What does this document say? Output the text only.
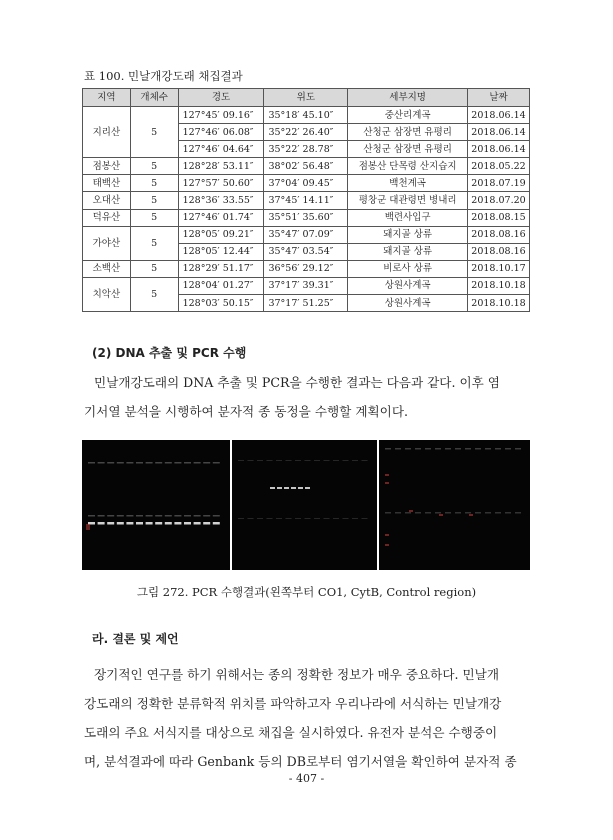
표 100. 민날개강도래 채집결과
지역	개체수	경도	위도	세부지명	날짜
지리산	5	127°45′ 09.16″	35°18′ 45.10″	중산리계곡	2018.06.14
		127°46′ 06.08″	35°22′ 26.40″	산청군 삼장면 유평리	2018.06.14
		127°46′ 04.64″	35°22′ 28.78″	산청군 삼장면 유평리	2018.06.14
점봉산	5	128°28′ 53.11″	38°02′ 56.48″	점봉산 단목령 산지습지	2018.05.22
태백산	5	127°57′ 50.60″	37°04′ 09.45″	백천계곡	2018.07.19
오대산	5	128°36′ 33.55″	37°45′ 14.11″	평창군 대관령면 병내리	2018.07.20
덕유산	5	127°46′ 01.74″	35°51′ 35.60″	백련사입구	2018.08.15
가야산	5	128°05′ 09.21″	35°47′ 07.09″	돼지골 상류	2018.08.16
		128°05′ 12.44″	35°47′ 03.54″	돼지골 상류	2018.08.16
소백산	5	128°29′ 51.17″	36°56′ 29.12″	비로사 상류	2018.10.17
치악산	5	128°04′ 01.27″	37°17′ 39.31″	상원사계곡	2018.10.18
		128°03′ 50.15″	37°17′ 51.25″	상원사계곡	2018.10.18
(2) DNA 추출 및 PCR 수행

민날개강도래의 DNA 추출 및 PCR을 수행한 결과는 다음과 같다. 이후 염
기서열 분석을 시행하여 분자적 종 동정을 수행할 계획이다.

그림 272. PCR 수행결과(왼쪽부터 CO1, CytB, Control region)
라. 결론 및 제언

장기적인 연구를 하기 위해서는 종의 정확한 정보가 매우 중요하다. 민날개
강도래의 정확한 분류학적 위치를 파악하고자 우리나라에 서식하는 민날개강
도래의 주요 서식지를 대상으로 채집을 실시하였다. 유전자 분석은 수행중이
며, 분석결과에 따라 Genbank 등의 DB로부터 염기서열을 확인하여 분자적 종

- 407 -
